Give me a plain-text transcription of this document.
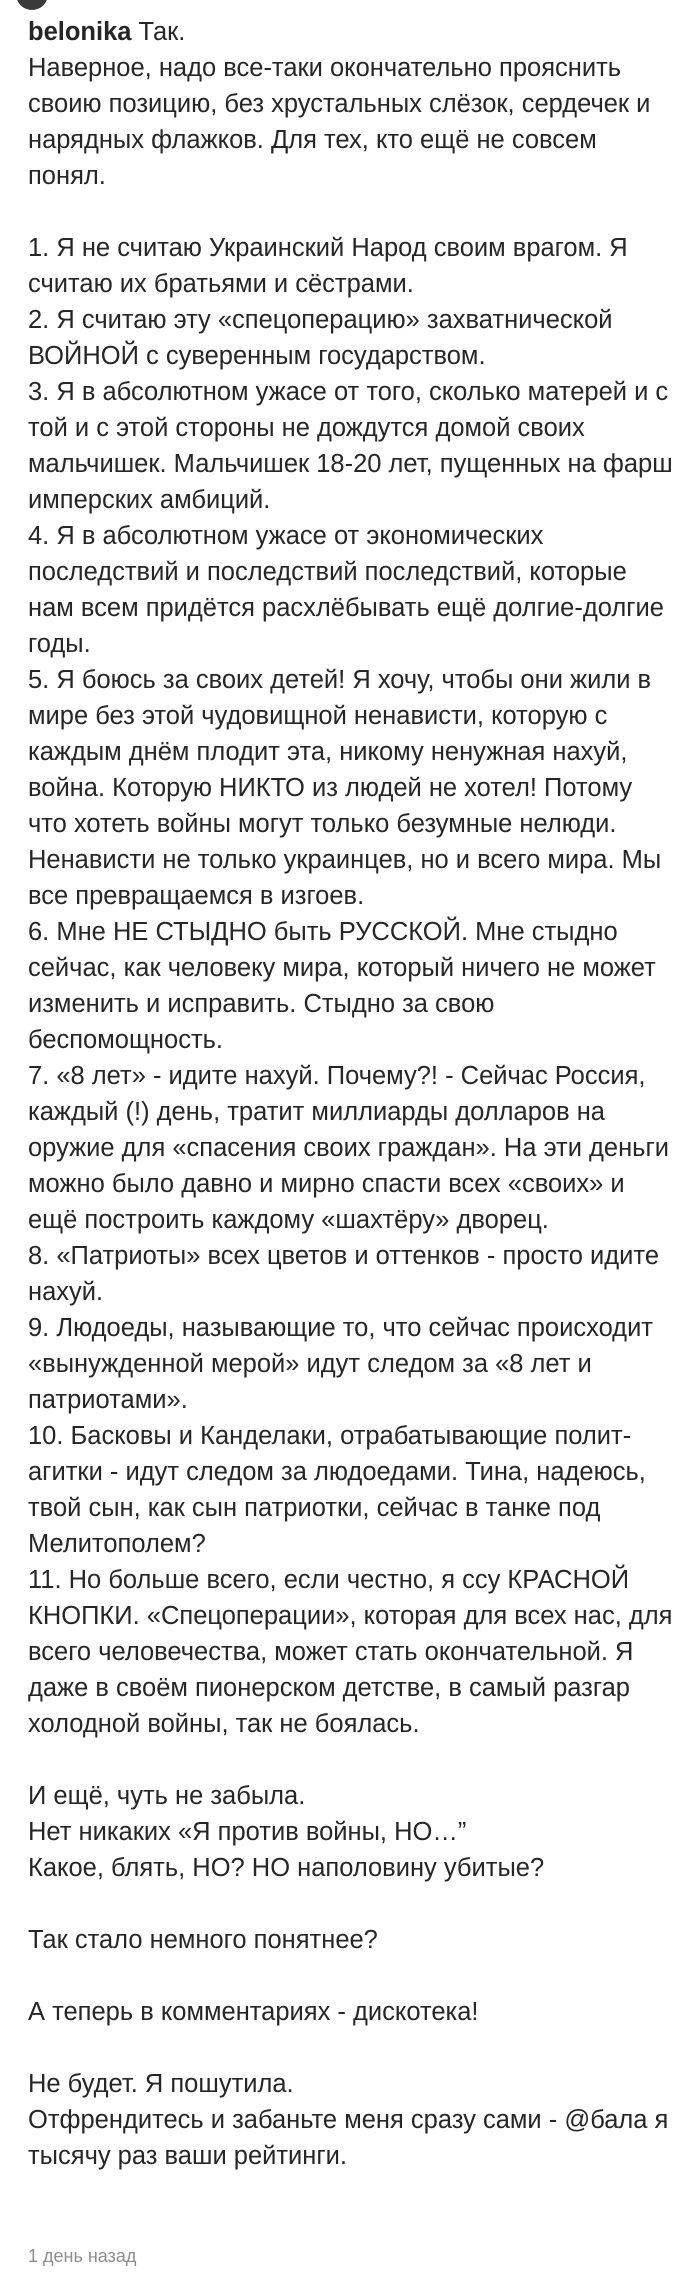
belonika Так.
Наверное, надо все-таки окончательно прояснить своию позицию, без хрустальных слёзок, сердечек и нарядных флажков. Для тех, кто ещё не совсем понял.

1. Я не считаю Украинский Народ своим врагом. Я считаю их братьями и сёстрами.
2. Я считаю эту «спецоперацию» захватнической ВОЙНОЙ с суверенным государством.
3. Я в абсолютном ужасе от того, сколько матерей и с той и с этой стороны не дождутся домой своих мальчишек. Мальчишек 18-20 лет, пущенных на фарш имперских амбиций.
4. Я в абсолютном ужасе от экономических последствий и последствий последствий, которые нам всем придётся расхлёбывать ещё долгие-долгие годы.
5. Я боюсь за своих детей! Я хочу, чтобы они жили в мире без этой чудовищной ненависти, которую с каждым днём плодит эта, никому ненужная нахуй, война. Которую НИКТО из людей не хотел! Потому что хотеть войны могут только безумные нелюди. Ненависти не только украинцев, но и всего мира. Мы все превращаемся в изгоев.
6. Мне НЕ СТЫДНО быть РУССКОЙ. Мне стыдно сейчас, как человеку мира, который ничего не может изменить и исправить. Стыдно за свою беспомощность.
7. «8 лет» - идите нахуй. Почему?! - Сейчас Россия, каждый (!) день, тратит миллиарды долларов на оружие для «спасения своих граждан». На эти деньги можно было давно и мирно спасти всех «своих» и ещё построить каждому «шахтёру» дворец.
8. «Патриоты» всех цветов и оттенков - просто идите нахуй.
9. Людоеды, называющие то, что сейчас происходит «вынужденной мерой» идут следом за «8 лет и патриотами».
10. Басковы и Канделаки, отрабатывающие полит-агитки - идут следом за людоедами. Тина, надеюсь, твой сын, как сын патриотки, сейчас в танке под Мелитополем?
11. Но больше всего, если честно, я ссу КРАСНОЙ КНОПКИ. «Спецоперации», которая для всех нас, для всего человечества, может стать окончательной. Я даже в своём пионерском детстве, в самый разгар холодной войны, так не боялась.

И ещё, чуть не забыла.
Нет никаких «Я против войны, НО…”
Какое, блять, НО? НО наполовину убитые?

Так стало немного понятнее?

А теперь в комментариях - дискотека!

Не будет. Я пошутила.
Отфрендитесь и забаньте меня сразу сами - @бала я тысячу раз ваши рейтинги.
1 день назад
